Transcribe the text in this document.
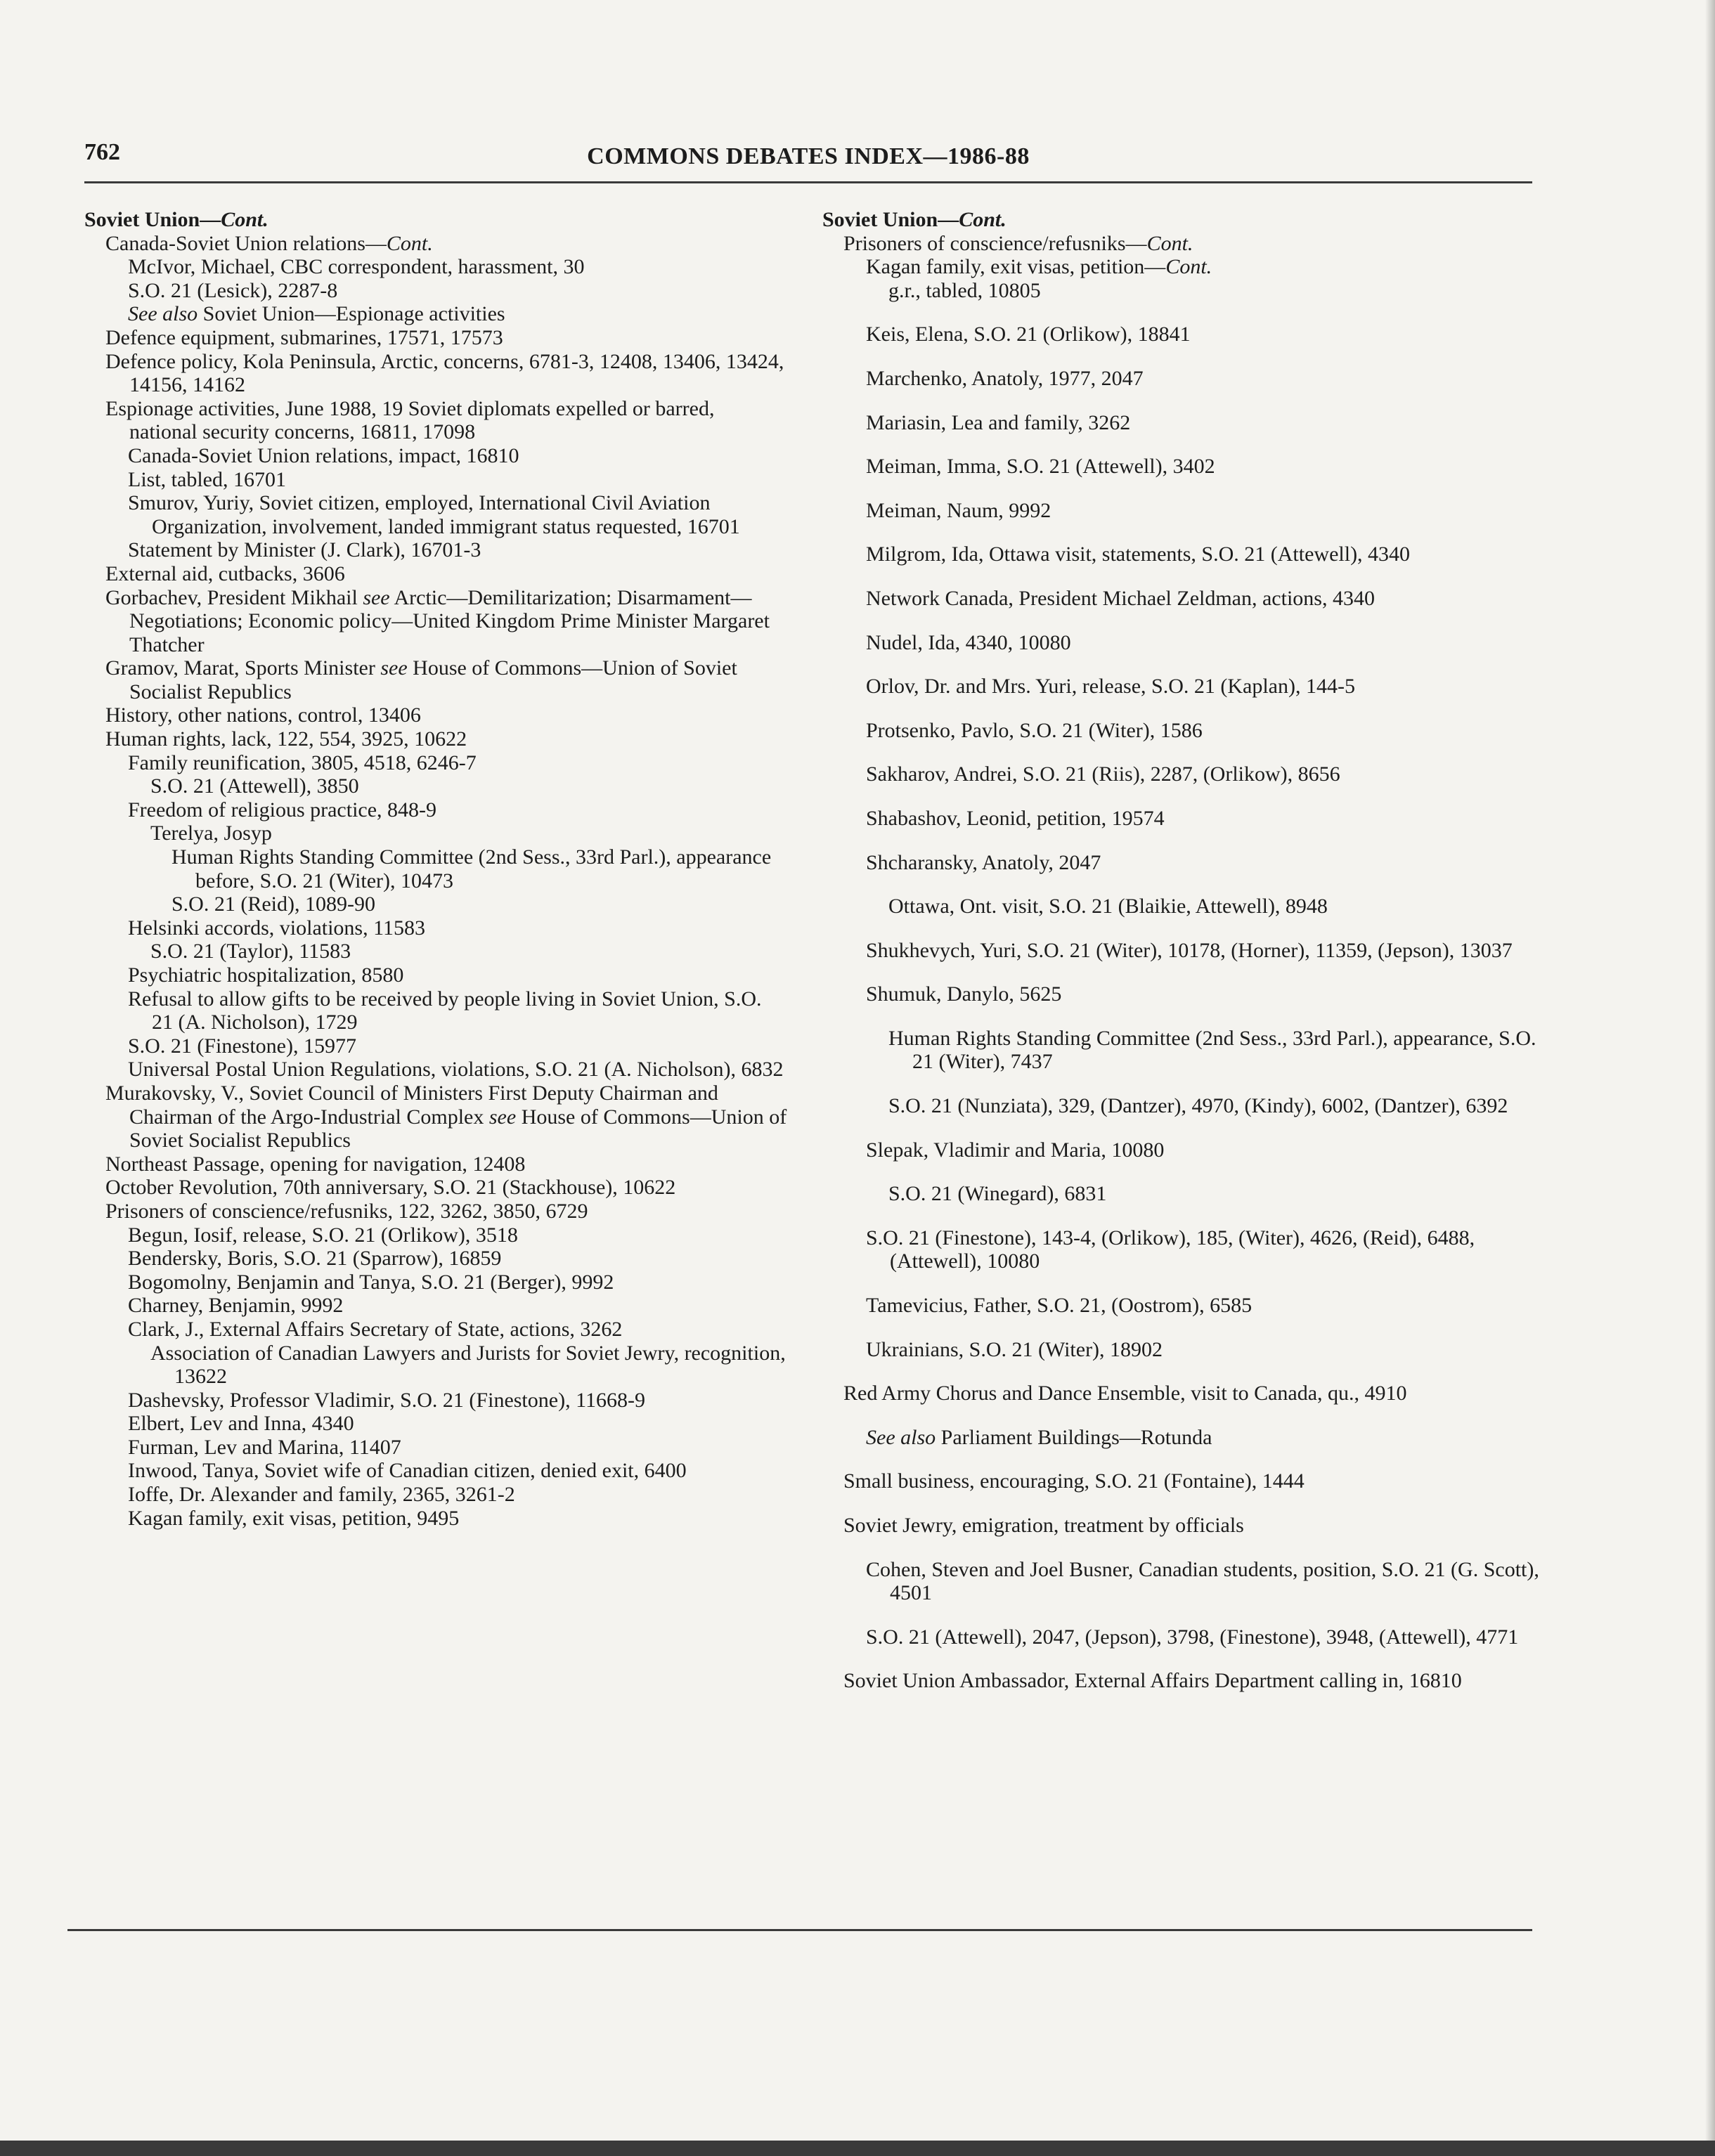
762	COMMONS DEBATES INDEX—1986-88
Soviet Union—Cont.
Canada-Soviet Union relations—Cont.
McIvor, Michael, CBC correspondent, harassment, 30
S.O. 21 (Lesick), 2287-8
See also Soviet Union—Espionage activities
Defence equipment, submarines, 17571, 17573
Defence policy, Kola Peninsula, Arctic, concerns, 6781-3, 12408, 13406, 13424, 14156, 14162
Espionage activities, June 1988, 19 Soviet diplomats expelled or barred, national security concerns, 16811, 17098
Canada-Soviet Union relations, impact, 16810
List, tabled, 16701
Smurov, Yuriy, Soviet citizen, employed, International Civil Aviation Organization, involvement, landed immigrant status requested, 16701
Statement by Minister (J. Clark), 16701-3
External aid, cutbacks, 3606
Gorbachev, President Mikhail see Arctic—Demilitarization; Disarmament—Negotiations; Economic policy—United Kingdom Prime Minister Margaret Thatcher
Gramov, Marat, Sports Minister see House of Commons—Union of Soviet Socialist Republics
History, other nations, control, 13406
Human rights, lack, 122, 554, 3925, 10622
Family reunification, 3805, 4518, 6246-7
S.O. 21 (Attewell), 3850
Freedom of religious practice, 848-9
Terelya, Josyp
Human Rights Standing Committee (2nd Sess., 33rd Parl.), appearance before, S.O. 21 (Witer), 10473
S.O. 21 (Reid), 1089-90
Helsinki accords, violations, 11583
S.O. 21 (Taylor), 11583
Psychiatric hospitalization, 8580
Refusal to allow gifts to be received by people living in Soviet Union, S.O. 21 (A. Nicholson), 1729
S.O. 21 (Finestone), 15977
Universal Postal Union Regulations, violations, S.O. 21 (A. Nicholson), 6832
Murakovsky, V., Soviet Council of Ministers First Deputy Chairman and Chairman of the Argo-Industrial Complex see House of Commons—Union of Soviet Socialist Republics
Northeast Passage, opening for navigation, 12408
October Revolution, 70th anniversary, S.O. 21 (Stackhouse), 10622
Prisoners of conscience/refusniks, 122, 3262, 3850, 6729
Begun, Iosif, release, S.O. 21 (Orlikow), 3518
Bendersky, Boris, S.O. 21 (Sparrow), 16859
Bogomolny, Benjamin and Tanya, S.O. 21 (Berger), 9992
Charney, Benjamin, 9992
Clark, J., External Affairs Secretary of State, actions, 3262
Association of Canadian Lawyers and Jurists for Soviet Jewry, recognition, 13622
Dashevsky, Professor Vladimir, S.O. 21 (Finestone), 11668-9
Elbert, Lev and Inna, 4340
Furman, Lev and Marina, 11407
Inwood, Tanya, Soviet wife of Canadian citizen, denied exit, 6400
Ioffe, Dr. Alexander and family, 2365, 3261-2
Kagan family, exit visas, petition, 9495
Soviet Union—Cont.
Prisoners of conscience/refusniks—Cont.
Kagan family, exit visas, petition—Cont.
g.r., tabled, 10805
Keis, Elena, S.O. 21 (Orlikow), 18841
Marchenko, Anatoly, 1977, 2047
Mariasin, Lea and family, 3262
Meiman, Imma, S.O. 21 (Attewell), 3402
Meiman, Naum, 9992
Milgrom, Ida, Ottawa visit, statements, S.O. 21 (Attewell), 4340
Network Canada, President Michael Zeldman, actions, 4340
Nudel, Ida, 4340, 10080
Orlov, Dr. and Mrs. Yuri, release, S.O. 21 (Kaplan), 144-5
Protsenko, Pavlo, S.O. 21 (Witer), 1586
Sakharov, Andrei, S.O. 21 (Riis), 2287, (Orlikow), 8656
Shabashov, Leonid, petition, 19574
Shcharansky, Anatoly, 2047
Ottawa, Ont. visit, S.O. 21 (Blaikie, Attewell), 8948
Shukhevych, Yuri, S.O. 21 (Witer), 10178, (Horner), 11359, (Jepson), 13037
Shumuk, Danylo, 5625
Human Rights Standing Committee (2nd Sess., 33rd Parl.), appearance, S.O. 21 (Witer), 7437
S.O. 21 (Nunziata), 329, (Dantzer), 4970, (Kindy), 6002, (Dantzer), 6392
Slepak, Vladimir and Maria, 10080
S.O. 21 (Winegard), 6831
S.O. 21 (Finestone), 143-4, (Orlikow), 185, (Witer), 4626, (Reid), 6488, (Attewell), 10080
Tamevicius, Father, S.O. 21, (Oostrom), 6585
Ukrainians, S.O. 21 (Witer), 18902
Red Army Chorus and Dance Ensemble, visit to Canada, qu., 4910
See also Parliament Buildings—Rotunda
Small business, encouraging, S.O. 21 (Fontaine), 1444
Soviet Jewry, emigration, treatment by officials
Cohen, Steven and Joel Busner, Canadian students, position, S.O. 21 (G. Scott), 4501
S.O. 21 (Attewell), 2047, (Jepson), 3798, (Finestone), 3948, (Attewell), 4771
Soviet Union Ambassador, External Affairs Department calling in, 16810
